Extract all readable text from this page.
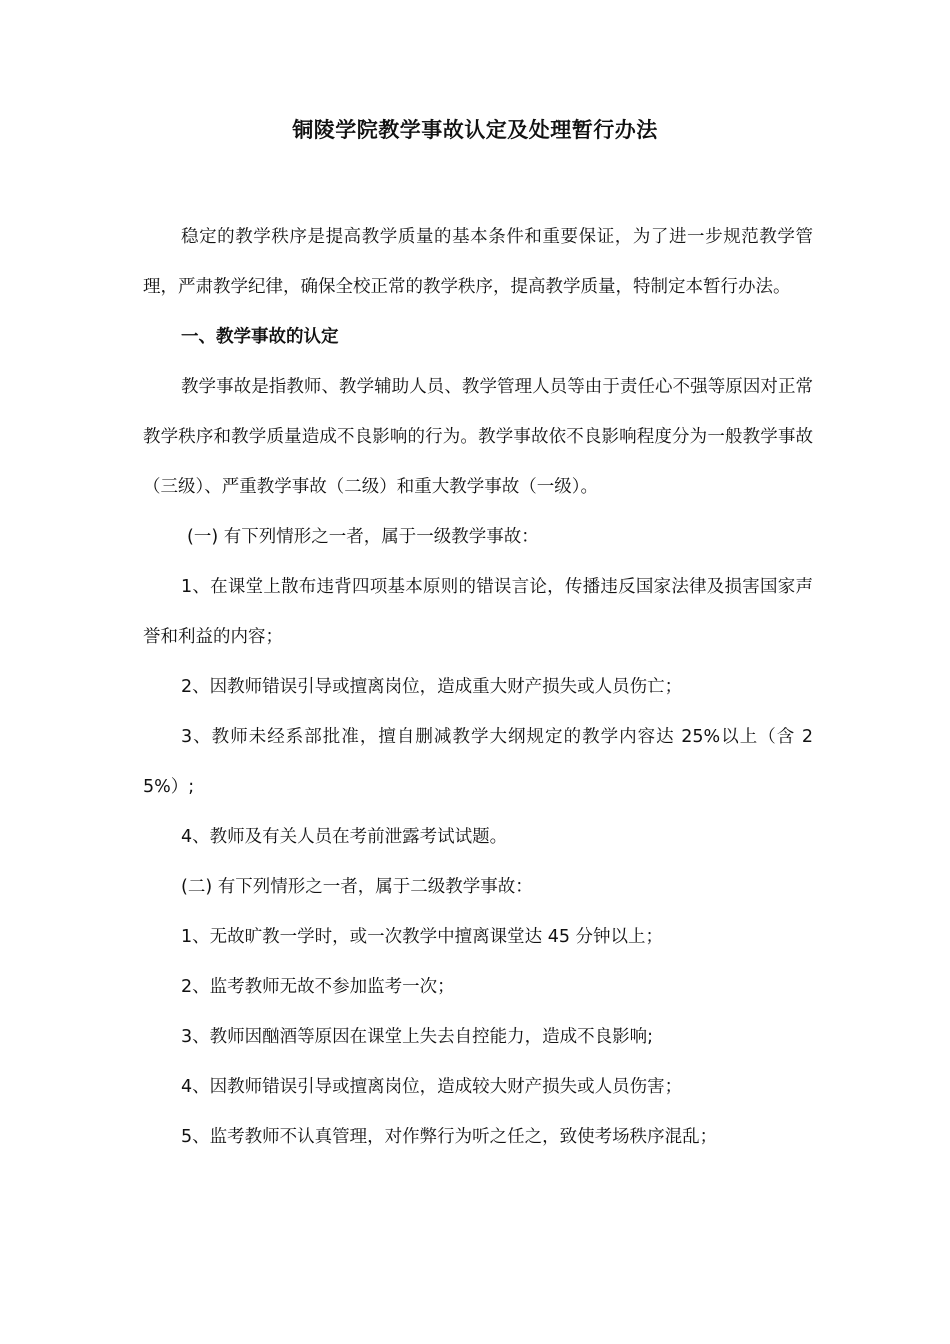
铜陵学院教学事故认定及处理暂行办法

稳定的教学秩序是提高教学质量的基本条件和重要保证，为了进一步规范教学管理，严肃教学纪律，确保全校正常的教学秩序，提高教学质量，特制定本暂行办法。

一、教学事故的认定

教学事故是指教师、教学辅助人员、教学管理人员等由于责任心不强等原因对正常教学秩序和教学质量造成不良影响的行为。教学事故依不良影响程度分为一般教学事故（三级）、严重教学事故（二级）和重大教学事故（一级）。

(一) 有下列情形之一者，属于一级教学事故：

1、在课堂上散布违背四项基本原则的错误言论，传播违反国家法律及损害国家声誉和利益的内容；

2、因教师错误引导或擅离岗位，造成重大财产损失或人员伤亡；

3、教师未经系部批准，擅自删减教学大纲规定的教学内容达 25%以上（含 25%）;

4、教师及有关人员在考前泄露考试试题。

(二) 有下列情形之一者，属于二级教学事故：

1、无故旷教一学时，或一次教学中擅离课堂达 45 分钟以上；

2、监考教师无故不参加监考一次；

3、教师因酗酒等原因在课堂上失去自控能力，造成不良影响;

4、因教师错误引导或擅离岗位，造成较大财产损失或人员伤害；

5、监考教师不认真管理，对作弊行为听之任之，致使考场秩序混乱；
